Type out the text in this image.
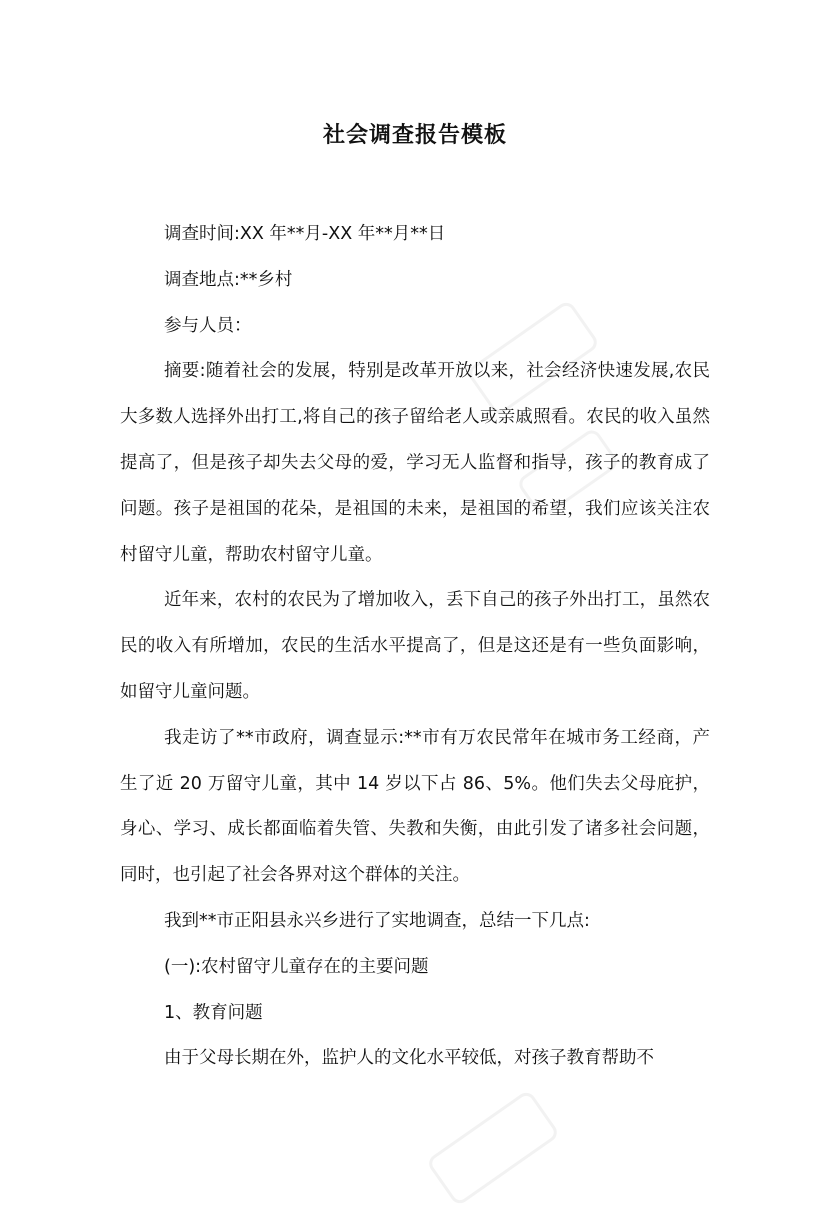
社会调查报告模板

调查时间:XX 年**月-XX 年**月**日

调查地点:**乡村

参与人员：

摘要:随着社会的发展，特别是改革开放以来，社会经济快速发展,农民大多数人选择外出打工,将自己的孩子留给老人或亲戚照看。农民的收入虽然提高了，但是孩子却失去父母的爱，学习无人监督和指导，孩子的教育成了问题。孩子是祖国的花朵，是祖国的未来，是祖国的希望，我们应该关注农村留守儿童，帮助农村留守儿童。

近年来，农村的农民为了增加收入，丢下自己的孩子外出打工，虽然农民的收入有所增加，农民的生活水平提高了，但是这还是有一些负面影响，如留守儿童问题。

我走访了**市政府，调查显示:**市有万农民常年在城市务工经商，产生了近 20 万留守儿童，其中 14 岁以下占 86、5%。他们失去父母庇护，身心、学习、成长都面临着失管、失教和失衡，由此引发了诸多社会问题，同时，也引起了社会各界对这个群体的关注。

我到**市正阳县永兴乡进行了实地调查，总结一下几点:

(一):农村留守儿童存在的主要问题

1、教育问题

由于父母长期在外，监护人的文化水平较低，对孩子教育帮助不
